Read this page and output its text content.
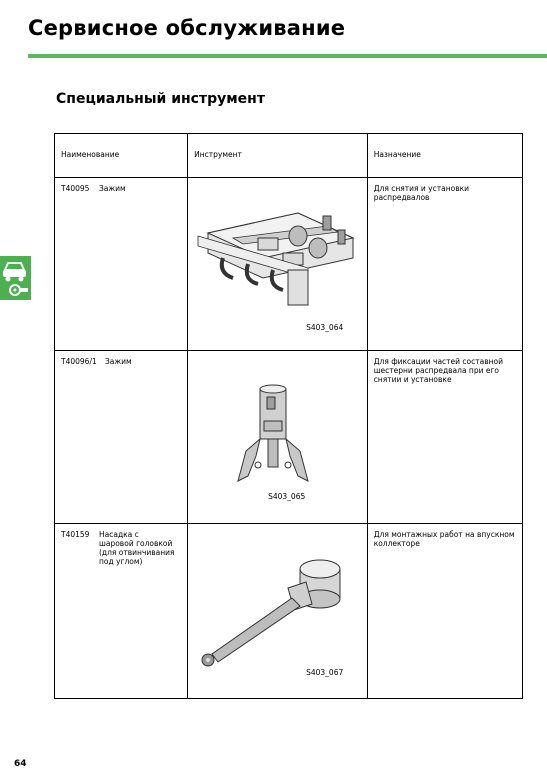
Сервисное обслуживание
Специальный инструмент
Наименование	Инструмент	Назначение
T40095 Зажим	S403_064	Для снятия и установки распредвалов
T40096/1 Зажим	S403_065	Для фиксации частей составной шестерни распредвала при его снятии и установке
T40159 Насадка с шаровой головкой (для отвинчивания под углом)	S403_067	Для монтажных работ на впускном коллекторе
64
